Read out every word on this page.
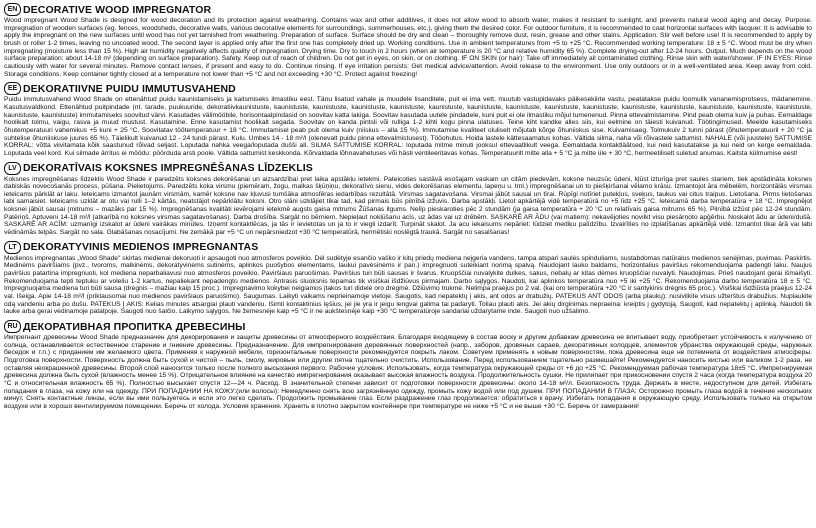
EN DECORATIVE WOOD IMPREGNATOR

Wood impregnant Wood Shade is designed for wood decoration and its protection against weathering. Contains wax and other additives, it does not allow wood to absorb water, makes it resistant to sunlight, and prevents natural wood aging and decay. Purpose. Impregnation of wooden surfaces (eg. fences, woodsheds, decorative walls, various decorative elements for surroundings, summerhouses, etc.), giving them the desired color. For outdoor furniture, it is recommended to coat horizontal surfaces with lacquer. It is advisable to apply the impregnant on the new surfaces until wood has not yet tarnished from weathering. Preparation of surface. Surface should be dry and clean – thoroughly remove dust, resin, grease and other stains. Application. Stir well before use! It is recommended to apply by brush or roller 1-2 times, leaving no uncoated wood. The second layer is applied only after the first one has completely dried up. Working conditions. Use in ambient temperatures from +5 to +25 °C. Recommended working temperature: 18 ± 5 °C. Wood must be dry when impregnating (moisture less than 15 %). High air humidity negatively affects quality of impregnation. Drying time. Dry to touch in 2 hours (when air temperature is 20 °C and relative humidity 65 %). Complete drying-out after 12-24 hours. Output. Much depends on the wood surface preparation: about 14-18 m² (depending on surface preparation). Safety. Keep out of reach of children. Do not get in eyes, on skin, or on clothing. IF ON SKIN (or hair): Take off immediately all contaminated clothing. Rinse skin with water/shower. IF IN EYES: Rinse cautiously with water for several minutes. Remove contact lenses, if present and easy to do. Continue rinsing. If eye irritation persists: Get medical advice/attention. Avoid release to the environment. Use only outdoors or in a well-ventilated area. Keep away from cold. Storage conditions. Keep container tightly closed at a temperature not lower than +5 °C and not exceeding +30 °C. Protect against freezing!

EE DEKORATIIVNE PUIDU IMMUTUSVAHEND

Puidu immutusvahend Wood Shade on ettenähtud puidu kaunistamiseks ja kaitsmiseks ilmastiku eest. Tänu lisatud vahale ja muudele lisanditele, puit ei ima vett, muutub vastupidavaks päikesekiirte vastu, peatatakse puidu loomulik vananemisprotsess, mädanemine. Kasutusvaldkond. Ettenähtud puitpindade (nt. tarade, puukuuride, dekoratiivkaunistuste, kaunistuste, kaunistuste, kaunistuste, kaunistuste, kaunistuste, kaunistuste, kaunistuste, kaunistuste, kaunistuste, kaunistuste, kaunistuste, kaunistuste, kaunistuste, kaunistuste, kaunistuste, kaunistuste) immutamiseks soovitud värvi. Kasutades välimööbile, horisontaalpindasid on soovitav katta lakiga. Soovitav kasutada uutele pindadele, kuni puit ei ole ilmastiku mõjul tumenenud. Pinna ettevalmistamine. Pind peab olema kuiv ja puhas. Eemaldage hoolikalt tolmu, vaigu, rasva ja muud mustust. Kasutamine. Enne kasutamist hoolikalt segada. Soovitav on kanda pintsli või rulliga 1-2 kihti kogu pinna ulatuses. Teine kiht kandke alles siis, kui eelmine on täiesti kuivanud. Töötingimused. Meelde kasutamiseks õhutemperatuuri vahemikus +5 kuni + 25 °C. Soovitatav töötemperatuur + 18 °C. Immutamisel peab puit olema kuiv (niiskus – alla 15 %). Immutamise kvaliteet oluliselt mõjutab kõrge õhuniiskus sise. Kuivamisaeg. Tolmukuiv 2 tunni pärast (õhutemperatuuril + 20 °C ja suhtelise õhuniiskuse juures 65 %). Täielikult kuivanud 12 - 24 tundi pärast. Kulu. Umbes 14 - 18 m²/l (olenevalt puidu pinna ettevalmistusest). Tööohutus. Hoida lastele kättesaamatus kohas. Vältida silma, naha või rõivastele sattumist. NAHALE (või juustele) SATTUMISE KORRAL: võtta viivitamata kõik saastunud rõivad seljast. Loputada nahka veega/loputada dušši all. SILMA SATTUMISE KORRAL: loputada mitme minuti jooksul ettevaatlikult veega. Eemaldada kontaktläätsed, kui neid kasutatakse ja kui neid on kerge eemaldada. Loputada veel kord. Kui silmade ärritus ei möödu: pöörduda arsti poole. Vältida sattumist keskkonda. Kõrvaldada lõhnavahetuses või hästi ventileeritavas kohas. Temperatuurilt mitte alla + 5 °C ja mitte üle + 30 °C, hermeetiliselt suletud anumas. Kaitsta külmumise eest!

LV DEKORATĪVAIS KOKSNES IMPREGNĒŠANAS LĪDZEKLIS

Koksnes impregnēšanas līdzeklis Wood Shade ir paredzēts koksnes dekorēšanai un aizsardzībai pret laika apstākļu ietekmi. Pateicoties sastāvā esošajam vaskam un citām piedevām, koksne neuzsūc ūdeni, kļūst izturīga pret saules stariem, tiek apstādināta koksnes dabiskās novecošanās process, pūšana. Pielietojums. Paredzēts koka virsmu (piemēram, žogu, malkas šķūņiņu, dekoratīvo sienu, vides dekorēšanas elementu, lapeņu u. tml.) impregnēšanai un to piešķiršanai vēlamo krāsu. Izmantojot āra mēbelēm, horizontālās virsmas ieteicams pārklāt ar laku. Ieteicams izmantot jaunām virsmām, kamēr koksne nav kļuvusi tumšāka atmosfēras iedarbības rezultātā. Virsmas sagatavošana. Virsmai jābūt sausai un tīrai. Rūpīgi notīriet putekļus, sveķus, taukus vai citus traipus. Lietošana. Pirms lietošanas labi samaisiet. Ieteicams uzklāt ar otu vai rulli 1–2 kārtās, neatstājot nepārklātu koksni. Otro slāni uzklājiet tikai tad, kad pirmais būs pilnībā izžuvis. Darba apstākļi. Lietot apkārtējā vidē temperatūrā no +5 līdz +25 °C. Ieteicamā darba temperatūra + 18 °C. Impregnējot koksnei jābūt sausai (mitrums – mazāks par 15 %). Impregnēšanas kvalitāti ievērojami ietekmē augsts gaisa mitrums Žūšanas ilgums. Nelīp pieskaroties pēc 2 stundām (ja gaisa temperatūra + 20 °C un relatīvais gaisa mitrums 65 %). Pilnībā izžūst pēc 12-24 stundām. Patēriņš. Aptuveni 14-18 m²/l (atkarībā no koksnes virsmas sagatavošanas). Darba drošība. Sargāt no bērniem. Nepieļaut nokļūšanu acīs, uz ādas vai uz drēbēm. SASKARĒ AR ĀDU (vai matiem): nekavējoties novilkt visu piesārņoto apģērbu. Noskalot ādu ar ūdeni/dušā. SASKARĒ AR ACĪM: uzmanīgi izskalot ar ūdeni vairākas minūtes. Izņemt kontaktlēcas, ja tās ir ievietotas un ja to ir viegli izdarīt. Turpināt skalot. Ja acu iekaisums nepāriet: lūdziet mediķu palīdzību. Izvairīties no izplatīšanas apkārtējā vidē. Izmantot tikai ārā vai labi vēdināmās telpās. Sargāt no sala. Glabāšanas nosacījumi. Ne zemākā par +5 °C un nepārsniedzot +30 °C temperatūrā, hermētiski noslēgtā traukā. Sargāt no sasalšanas!

LT DEKORATYVINIS MEDIENOS IMPREGNANTAS

Medienos impregnantas „Wood Shade" skirtas medienai dekoruoti ir apsaugoti nuo atmosferos poveikio. Dėl sudėtyje esančio vaško ir kitų priedų mediena neįgeria vandens, tampa atspari saulės spinduliams, sustabdomas natūralus medienos senėjimas, puvimas. Paskirtis. Medinėms paviršiams (pvz., tvoroms, malkinėms, dekoratyvinėms sutinėms, aplinkos puošybos elementams, laukui pavėsinėms ir pan.) impregnuoti suteikiant norimą spalvą. Naudojant lauko baldams, horizontalius paviršius rekomenduojama padengti laku. Naujus paviršius patartina impregnuoti, kol mediena neparbaliavusi nuo atmosferos poveikio. Paviršiaus paruošimas. Paviršius turi būti sausas ir švarus. Kruopščiai nuvalykite dulkes, sakus, riebalų ar kitas dėmes kruopščiai nuvalyti. Naudojimas. Prieš naudojant gerai išmaišyti. Rekomenduojama tepti teptuku ar voleliu 1-2 kartus, nepaliekant nepadengto medienos. Antrasis sluoksnis tepamas tik visiškai išdžiūvus pirmajam. Darbo sąlygos. Naudoti, kai aplinkos temperatūra nuo +5 iki +25 °C. Rekomenduojama darbo temperatūra 18 ± 5 °C. Impregnuojama mediena turi būti sausa (drėgnis – mažiau kaip 15 proc.). Impregnavimo kokybei neigiamos įtakos turi didelė oro drėgmė. Džiūvimo trukmė. Nelimpa praėjus po 2 val. (kai oro temperatūra +20 °C ir santykinis drėgnis 65 proc.). Visiškai išdžiūsta praėjus 12-24 val. Išeiga. Apie 14-18 m²/l (priklausomai nuo medienos paviršiaus paruošimo). Saugumas. Laikyti vaikams neprieinamoje vietoje. Saugotis, kad nepatektų į akis, ant odos ar drabužių. PATEKUS ANT ODOS (arba plaukų): nusivilkite visus užterštus drabužius. Nuplaukite odą vandeniu arba po dušu. PATEKUS Į AKIS: Kelias minutes atsargiai plauti vandeniu. Išimti kontaktinius lęšius, jei jie yra ir jeigu lengvai galima tai padaryti. Toliau plauti akis. Jei akių dirginimas nepraeina: kreiptis į gydytoją. Saugoti, kad nepatektų į aplinką. Naudoti tik lauke arba gerai vėdinamoje patalpoje. Saugoti nuo šalčio. Laikymo sąlygos. Ne žemesnėje kaip +5 °C ir ne aukštesnėje kaip +30 °C temperatūroje sandariai uždarytame inde. Saugoti nuo užšalimo.

RU ДЕКОРАТИВНАЯ ПРОПИТКА ДРЕВЕСИНЫ

Импрегнант древесины Wood Shade предназначен для декорирования и защиты древесины от атмосферного воздействия. Благодаря входящему в состав воску и другим добавкам древесина не впитывает воду, приобретает устойчивость к излучению от солнца, останавливается естественное старение и гниение древесины. Предназначение. Для импрегнирования деревянных поверхностей (напр., заборов, дровяных сараев, декоративных колодцев, элементов убранства окружающей среды, наружных беседок и т.п.) с приданием им желаемого цвета. Применяя к наружной мебели, горизонтальные поверхности рекомендуется покрыть лаком. Советуем применять к новым поверхностям, пока древесина еще не потемнела от воздействия атмосферы. Подготовка поверхности. Поверхность должна быть сухой и чистой – пыль, смолу, жировые или другие пятна тщательно счистить. Использование. Перед использованием тщательно размешайте! Рекомендуется наносить кистью или валиком 1-2 раза, не оставляя неокрашенной древесины. Второй слой наносится только после полного высыхания первого. Рабочие условия. Использовать, когда температура окружающей среды от +6 до +25 °C. Рекомендуемая рабочая температура 18±5 °C. Импрегнируемая древесина должна быть сухой (влажность менее 15 %). Отрицательное влияние на качество импрегнирования оказывает высокая влажность воздуха. Продолжительность сушки. Не прилипает при прикосновении спустя 2 часа (когда температура воздуха 20 °C и относительная влажность 65 %). Полностью высыхает спустя 12—24 ч. Расход. В значительной степени зависит от подготовки поверхности древесины: около 14-18 м²/л. Безопасность труда. Держать в месте, недоступном для детей. Избегать попадания в глаза, на кожу или на одежду. ПРИ ПОПАДАНИИ НА КОЖУ:(или волосы): Немедленно снять всю загрязнённую одежду, промыть кожу водой или под душем. ПРИ ПОПАДАНИИ В ГЛАЗА: Осторожно промыть глаза водой в течение нескольких минут. Снять контактные линзы, если вы ими пользуетесь и если это легко сделать. Продолжить промывание глаз. Если раздражение глаз продолжается: обратиться к врачу. Избегать попадания в окружающую среду. Использовать только на открытом воздухе или в хорошо вентилируемом помещении. Беречь от холода. Условия хранения. Хранить в плотно закрытом контейнере при температуре не ниже +5 °C и не выше +30 °C. Беречь от замерзания!
